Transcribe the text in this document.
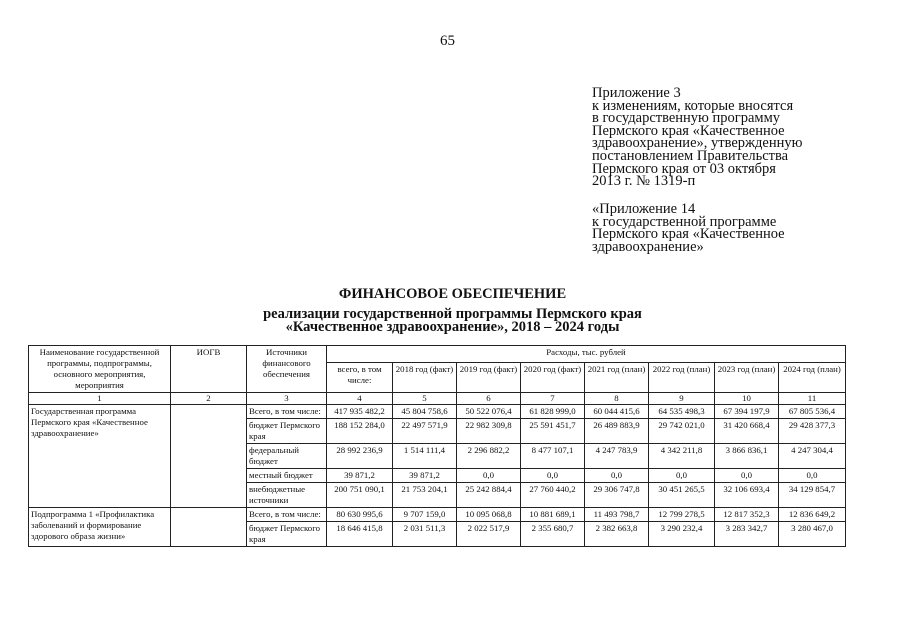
65
Приложение 3
к изменениям, которые вносятся
в государственную программу
Пермского края «Качественное
здравоохранение», утвержденную
постановлением Правительства
Пермского края от 03 октября
2013 г. № 1319-п
«Приложение 14
к государственной программе
Пермского края «Качественное
здравоохранение»
ФИНАНСОВОЕ ОБЕСПЕЧЕНИЕ
реализации государственной программы Пермского края
«Качественное здравоохранение», 2018 – 2024 годы
Наименование государственной программы, подпрограммы, основного мероприятия, мероприятия	ИОГВ	Источники финансового обеспечения	Расходы, тыс. рублей							
			всего, в том числе:	2018 год (факт)	2019 год (факт)	2020 год (факт)	2021 год (план)	2022 год (план)	2023 год (план)	2024 год (план)
1	2	3	4	5	6	7	8	9	10	11
Государственная программа Пермского края «Качественное здравоохранение»		Всего, в том числе:	417 935 482,2	45 804 758,6	50 522 076,4	61 828 999,0	60 044 415,6	64 535 498,3	67 394 197,9	67 805 536,4
		бюджет Пермского края	188 152 284,0	22 497 571,9	22 982 309,8	25 591 451,7	26 489 883,9	29 742 021,0	31 420 668,4	29 428 377,3
		федеральный бюджет	28 992 236,9	1 514 111,4	2 296 882,2	8 477 107,1	4 247 783,9	4 342 211,8	3 866 836,1	4 247 304,4
		местный бюджет	39 871,2	39 871,2	0,0	0,0	0,0	0,0	0,0	0,0
		внебюджетные источники	200 751 090,1	21 753 204,1	25 242 884,4	27 760 440,2	29 306 747,8	30 451 265,5	32 106 693,4	34 129 854,7
Подпрограмма 1 «Профилактика заболеваний и формирование здорового образа жизни»		Всего, в том числе:	80 630 995,6	9 707 159,0	10 095 068,8	10 881 689,1	11 493 798,7	12 799 278,5	12 817 352,3	12 836 649,2
		бюджет Пермского края	18 646 415,8	2 031 511,3	2 022 517,9	2 355 680,7	2 382 663,8	3 290 232,4	3 283 342,7	3 280 467,0
